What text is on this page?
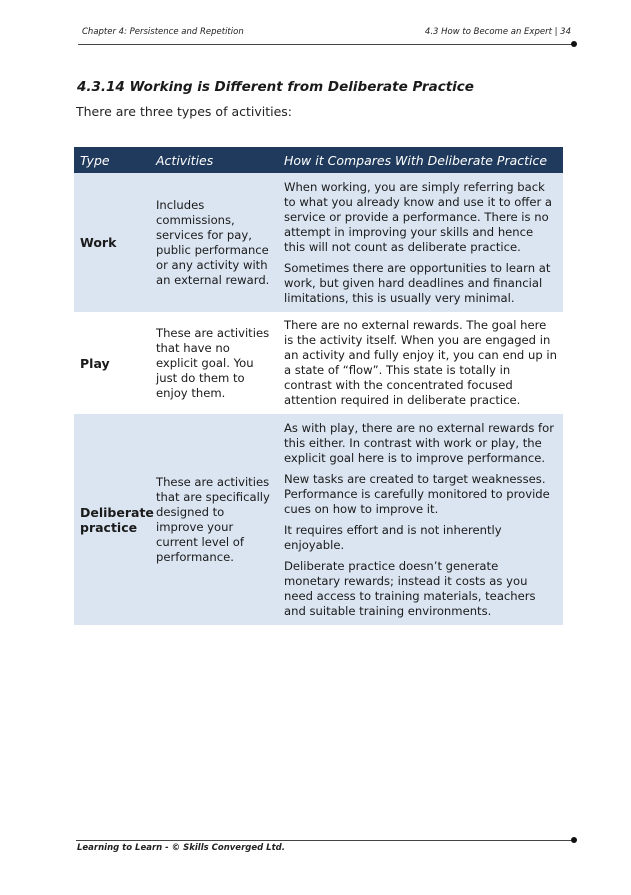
Chapter 4: Persistence and Repetition	4.3 How to Become an Expert | 34
4.3.14 Working is Different from Deliberate Practice
There are three types of activities:
Type	Activities	How it Compares With Deliberate Practice
Work	Includes commissions, services for pay, public performance or any activity with an external reward.	When working, you are simply referring back to what you already know and use it to offer a service or provide a performance. There is no attempt in improving your skills and hence this will not count as deliberate practice.

Sometimes there are opportunities to learn at work, but given hard deadlines and financial limitations, this is usually very minimal.

Play	These are activities that have no explicit goal. You just do them to enjoy them.	There are no external rewards. The goal here is the activity itself. When you are engaged in an activity and fully enjoy it, you can end up in a state of “flow”. This state is totally in contrast with the concentrated focused attention required in deliberate practice.

Deliberate practice	These are activities that are specifically designed to improve your current level of performance.	As with play, there are no external rewards for this either. In contrast with work or play, the explicit goal here is to improve performance.

New tasks are created to target weaknesses. Performance is carefully monitored to provide cues on how to improve it.

It requires effort and is not inherently enjoyable.

Deliberate practice doesn’t generate monetary rewards; instead it costs as you need access to training materials, teachers and suitable training environments.

Learning to Learn - © Skills Converged Ltd.
